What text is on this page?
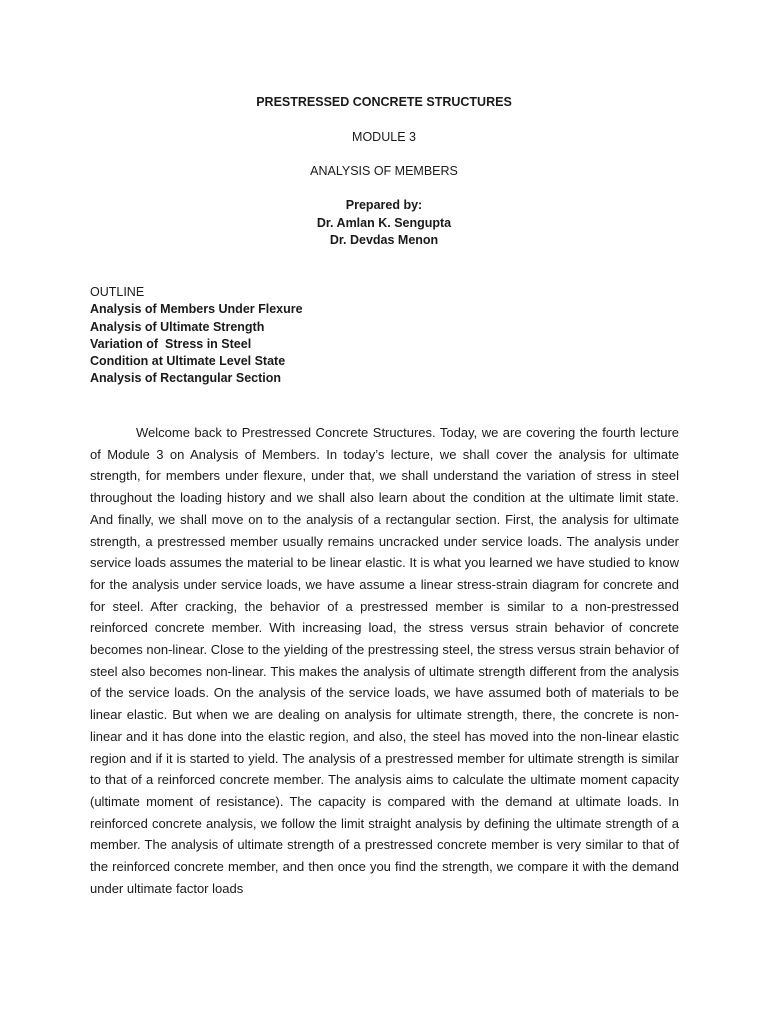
PRESTRESSED CONCRETE STRUCTURES
MODULE 3
ANALYSIS OF MEMBERS
Prepared by:
Dr. Amlan K. Sengupta
Dr. Devdas Menon
OUTLINE
Analysis of Members Under Flexure
Analysis of Ultimate Strength
Variation of  Stress in Steel
Condition at Ultimate Level State
Analysis of Rectangular Section

Welcome back to Prestressed Concrete Structures. Today, we are covering the fourth lecture of Module 3 on Analysis of Members. In today’s lecture, we shall cover the analysis for ultimate strength, for members under flexure, under that, we shall understand the variation of stress in steel throughout the loading history and we shall also learn about the condition at the ultimate limit state. And finally, we shall move on to the analysis of a rectangular section. First, the analysis for ultimate strength, a prestressed member usually remains uncracked under service loads. The analysis under service loads assumes the material to be linear elastic. It is what you learned we have studied to know for the analysis under service loads, we have assume a linear stress-strain diagram for concrete and for steel. After cracking, the behavior of a prestressed member is similar to a non-prestressed reinforced concrete member. With increasing load, the stress versus strain behavior of concrete becomes non-linear. Close to the yielding of the prestressing steel, the stress versus strain behavior of steel also becomes non-linear. This makes the analysis of ultimate strength different from the analysis of the service loads. On the analysis of the service loads, we have assumed both of materials to be linear elastic. But when we are dealing on analysis for ultimate strength, there, the concrete is non-linear and it has done into the elastic region, and also, the steel has moved into the non-linear elastic region and if it is started to yield. The analysis of a prestressed member for ultimate strength is similar to that of a reinforced concrete member. The analysis aims to calculate the ultimate moment capacity (ultimate moment of resistance). The capacity is compared with the demand at ultimate loads. In reinforced concrete analysis, we follow the limit straight analysis by defining the ultimate strength of a member. The analysis of ultimate strength of a prestressed concrete member is very similar to that of the reinforced concrete member, and then once you find the strength, we compare it with the demand under ultimate factor loads
